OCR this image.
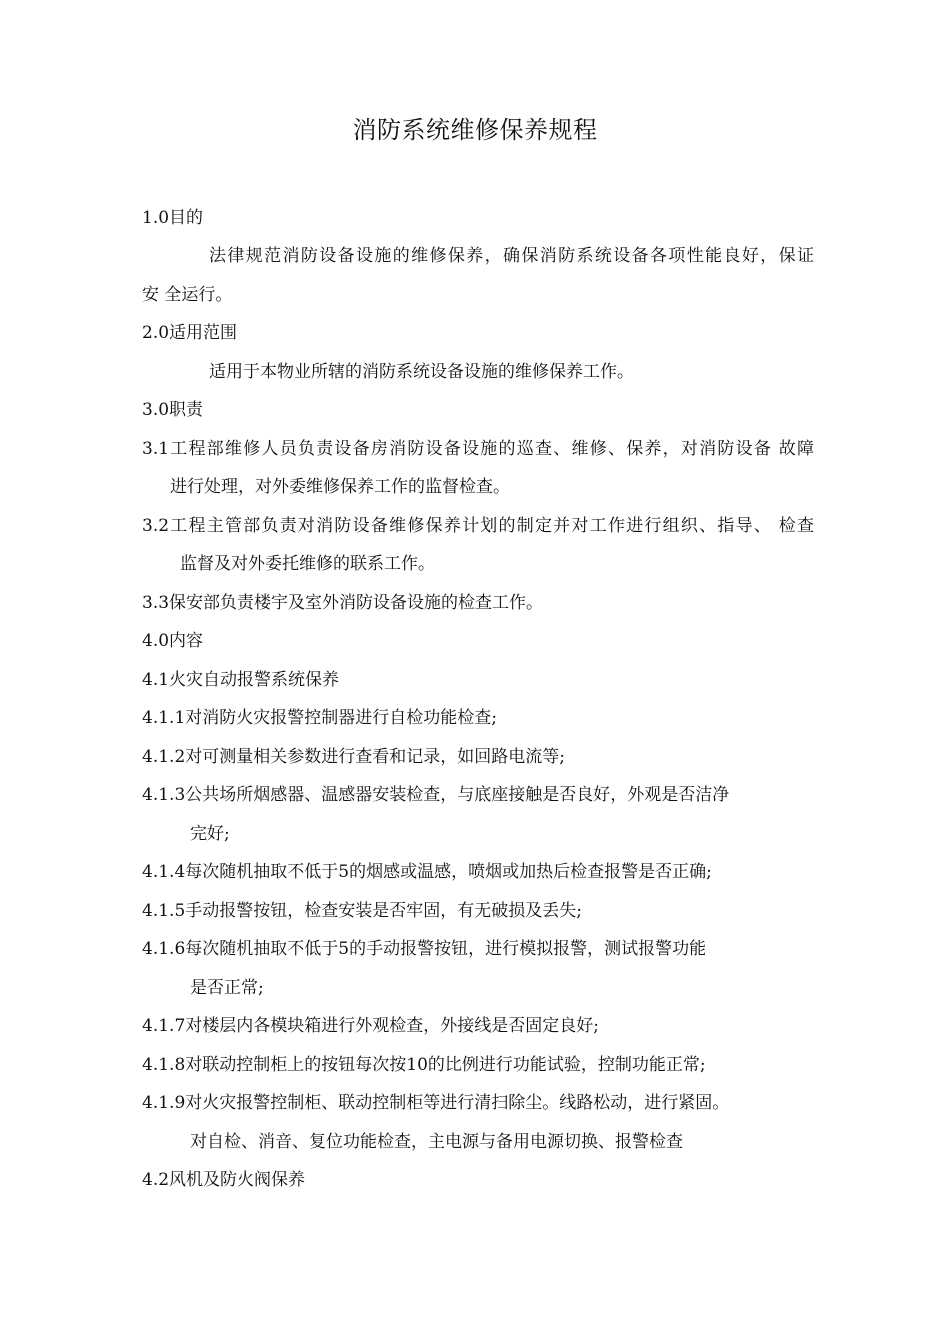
消防系统维修保养规程
1.0目的
法律规范消防设备设施的维修保养，确保消防系统设备各项性能良好，保证
安 全运行。
2.0适用范围
适用于本物业所辖的消防系统设备设施的维修保养工作。
3.0职责
3.1工程部维修人员负责设备房消防设备设施的巡查、维修、保养，对消防设备 故障
进行处理，对外委维修保养工作的监督检查。
3.2工程主管部负责对消防设备维修保养计划的制定并对工作进行组织、指导、 检查
监督及对外委托维修的联系工作。
3.3保安部负责楼宇及室外消防设备设施的检查工作。
4.0内容
4.1火灾自动报警系统保养
4.1.1对消防火灾报警控制器进行自检功能检查;
4.1.2对可测量相关参数进行查看和记录，如回路电流等;
4.1.3公共场所烟感器、温感器安装检查，与底座接触是否良好，外观是否洁净
完好;
4.1.4每次随机抽取不低于5的烟感或温感，喷烟或加热后检查报警是否正确;
4.1.5手动报警按钮，检查安装是否牢固，有无破损及丢失;
4.1.6每次随机抽取不低于5的手动报警按钮，进行模拟报警，测试报警功能
是否正常;
4.1.7对楼层内各模块箱进行外观检查，外接线是否固定良好;
4.1.8对联动控制柜上的按钮每次按10的比例进行功能试验，控制功能正常;
4.1.9对火灾报警控制柜、联动控制柜等进行清扫除尘。线路松动，进行紧固。
对自检、消音、复位功能检查，主电源与备用电源切换、报警检查
4.2风机及防火阀保养
